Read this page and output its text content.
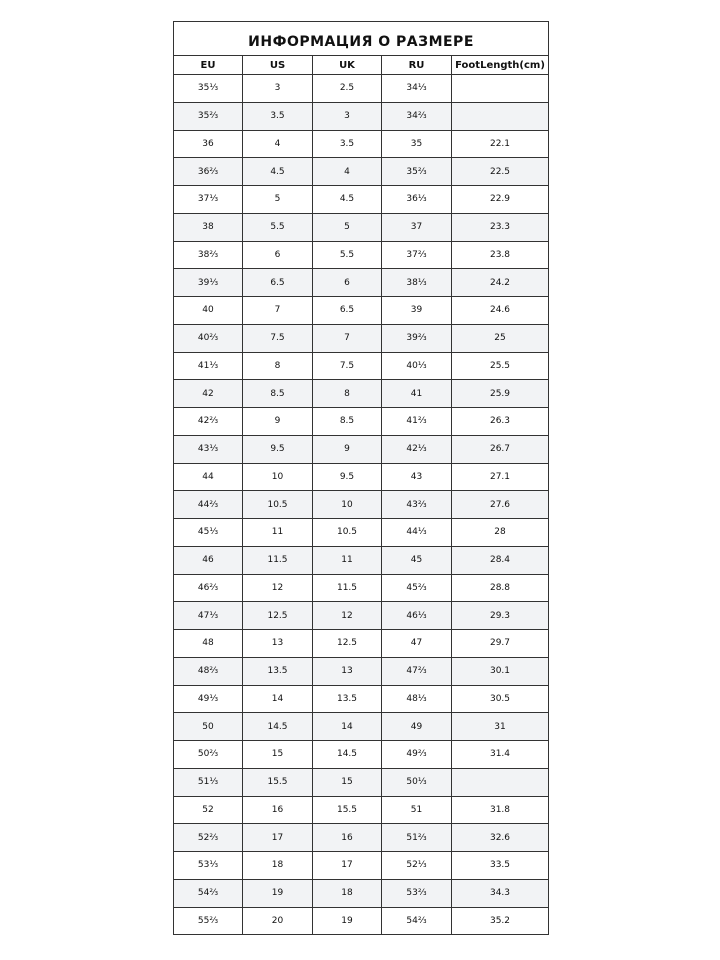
ИНФОРМАЦИЯ О РАЗМЕРЕ				
EU	US	UK	RU	FootLength(cm)
35⅓	3	2.5	34⅓	
35⅔	3.5	3	34⅔	
36	4	3.5	35	22.1
36⅔	4.5	4	35⅔	22.5
37⅓	5	4.5	36⅓	22.9
38	5.5	5	37	23.3
38⅔	6	5.5	37⅔	23.8
39⅓	6.5	6	38⅓	24.2
40	7	6.5	39	24.6
40⅔	7.5	7	39⅔	25
41⅓	8	7.5	40⅓	25.5
42	8.5	8	41	25.9
42⅔	9	8.5	41⅔	26.3
43⅓	9.5	9	42⅓	26.7
44	10	9.5	43	27.1
44⅔	10.5	10	43⅔	27.6
45⅓	11	10.5	44⅓	28
46	11.5	11	45	28.4
46⅔	12	11.5	45⅔	28.8
47⅓	12.5	12	46⅓	29.3
48	13	12.5	47	29.7
48⅔	13.5	13	47⅔	30.1
49⅓	14	13.5	48⅓	30.5
50	14.5	14	49	31
50⅔	15	14.5	49⅔	31.4
51⅓	15.5	15	50⅓	
52	16	15.5	51	31.8
52⅔	17	16	51⅔	32.6
53⅓	18	17	52⅓	33.5
54⅔	19	18	53⅔	34.3
55⅔	20	19	54⅔	35.2
